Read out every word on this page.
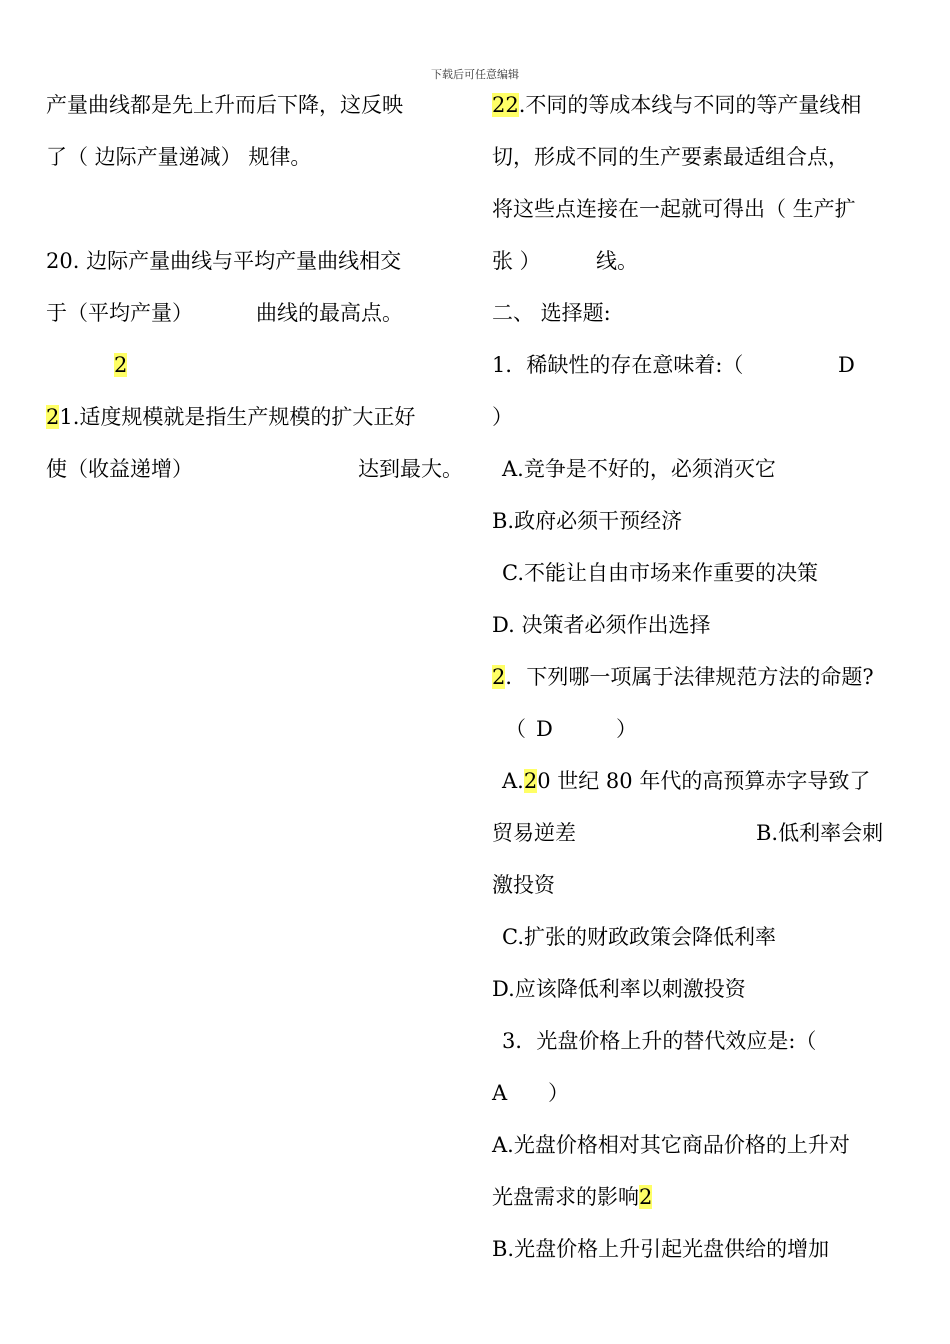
下载后可任意编辑
产量曲线都是先上升而后下降，这反映
了（ 边际产量递减） 规律。
20. 边际产量曲线与平均产量曲线相交
于（平均产量）	曲线的最高点。
2
21.适度规模就是指生产规模的扩大正好
使（收益递增）	达到最大。
22.不同的等成本线与不同的等产量线相
切，形成不同的生产要素最适组合点，
将这些点连接在一起就可得出（ 生产扩
张 ）	线。
二、 选择题:
1．稀缺性的存在意味着:（	D
）
A.竞争是不好的，必须消灭它
B.政府必须干预经济
C.不能让自由市场来作重要的决策
D. 决策者必须作出选择
2．下列哪一项属于法律规范方法的命题?
（ D	）
A.20 世纪 80 年代的高预算赤字导致了
贸易逆差	B.低利率会刺
激投资
C.扩张的财政政策会降低利率
D.应该降低利率以刺激投资
3．光盘价格上升的替代效应是:（
A ）
A.光盘价格相对其它商品价格的上升对
光盘需求的影响2
B.光盘价格上升引起光盘供给的增加
